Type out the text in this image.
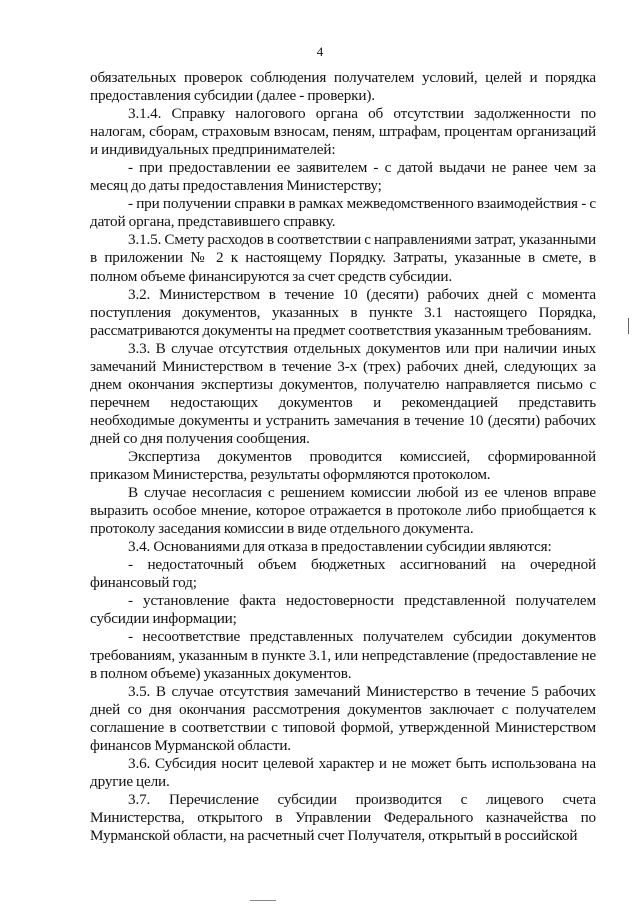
4

обязательных проверок соблюдения получателем условий, целей и порядка предоставления субсидии (далее - проверки).

3.1.4. Справку налогового органа об отсутствии задолженности по налогам, сборам, страховым взносам, пеням, штрафам, процентам организаций и индивидуальных предпринимателей:

- при предоставлении ее заявителем - с датой выдачи не ранее чем за месяц до даты предоставления Министерству;

- при получении справки в рамках межведомственного взаимодействия - с датой органа, представившего справку.

3.1.5. Смету расходов в соответствии с направлениями затрат, указанными в приложении № 2 к настоящему Порядку. Затраты, указанные в смете, в полном объеме финансируются за счет средств субсидии.

3.2. Министерством в течение 10 (десяти) рабочих дней с момента поступления документов, указанных в пункте 3.1 настоящего Порядка, рассматриваются документы на предмет соответствия указанным требованиям.

3.3. В случае отсутствия отдельных документов или при наличии иных замечаний Министерством в течение 3-х (трех) рабочих дней, следующих за днем окончания экспертизы документов, получателю направляется письмо с перечнем недостающих документов и рекомендацией представить необходимые документы и устранить замечания в течение 10 (десяти) рабочих дней со дня получения сообщения.

Экспертиза документов проводится комиссией, сформированной приказом Министерства, результаты оформляются протоколом.

В случае несогласия с решением комиссии любой из ее членов вправе выразить особое мнение, которое отражается в протоколе либо приобщается к протоколу заседания комиссии в виде отдельного документа.

3.4. Основаниями для отказа в предоставлении субсидии являются:

- недостаточный объем бюджетных ассигнований на очередной финансовый год;

- установление факта недостоверности представленной получателем субсидии информации;

- несоответствие представленных получателем субсидии документов требованиям, указанным в пункте 3.1, или непредставление (предоставление не в полном объеме) указанных документов.

3.5. В случае отсутствия замечаний Министерство в течение 5 рабочих дней со дня окончания рассмотрения документов заключает с получателем соглашение в соответствии с типовой формой, утвержденной Министерством финансов Мурманской области.

3.6. Субсидия носит целевой характер и не может быть использована на другие цели.

3.7. Перечисление субсидии производится с лицевого счета Министерства, открытого в Управлении Федерального казначейства по Мурманской области, на расчетный счет Получателя, открытый в российской
